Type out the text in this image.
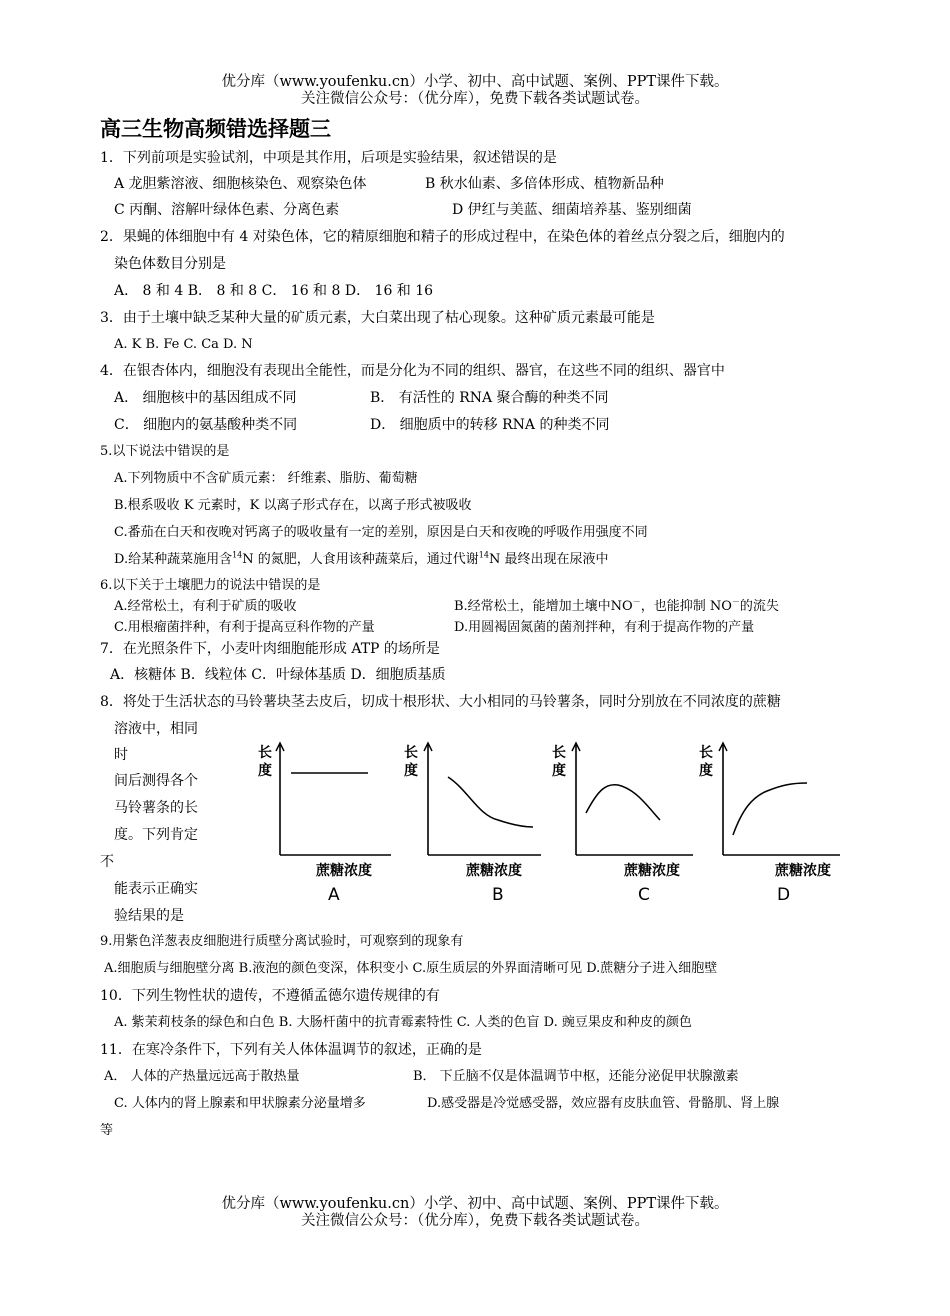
优分库（www.youfenku.cn）小学、初中、高中试题、案例、PPT课件下载。
关注微信公众号：（优分库），免费下载各类试题试卷。
高三生物高频错选择题三
1．下列前项是实验试剂，中项是其作用，后项是实验结果，叙述错误的是
A 龙胆紫溶液、细胞核染色、观察染色体	B 秋水仙素、多倍体形成、植物新品种
C 丙酮、溶解叶绿体色素、分离色素	D 伊红与美蓝、细菌培养基、鉴别细菌
2．果蝇的体细胞中有 4 对染色体，它的精原细胞和精子的形成过程中，在染色体的着丝点分裂之后，细胞内的
染色体数目分别是
A． 8 和 4 B． 8 和 8 C． 16 和 8 D． 16 和 16
3．由于土壤中缺乏某种大量的矿质元素，大白菜出现了枯心现象。这种矿质元素最可能是
A. K B. Fe C. Ca D. N
4．在银杏体内，细胞没有表现出全能性，而是分化为不同的组织、器官，在这些不同的组织、器官中
A． 细胞核中的基因组成不同	B． 有活性的 RNA 聚合酶的种类不同
C． 细胞内的氨基酸种类不同	D． 细胞质中的转移 RNA 的种类不同
5.以下说法中错误的是
A.下列物质中不含矿质元素： 纤维素、脂肪、葡萄糖
B.根系吸收 K 元素时，K 以离子形式存在，以离子形式被吸收
C.番茄在白天和夜晚对钙离子的吸收量有一定的差别，原因是白天和夜晚的呼吸作用强度不同
D.给某种蔬菜施用含$^{14}$N 的氮肥，人食用该种蔬菜后，通过代谢$^{14}$N 最终出现在尿液中
6.以下关于土壤肥力的说法中错误的是
A.经常松土，有利于矿质的吸收	B.经常松土，能增加土壤中NO－，也能抑制 NO－的流失
C.用根瘤菌拌种，有利于提高豆科作物的产量	D.用圆褐固氮菌的菌剂拌种，有利于提高作物的产量
7．在光照条件下，小麦叶肉细胞能形成 ATP 的场所是
A．核糖体 B．线粒体 C．叶绿体基质 D．细胞质基质
8．将处于生活状态的马铃薯块茎去皮后，切成十根形状、大小相同的马铃薯条，同时分别放在不同浓度的蔗糖
溶液中，相同
时
间后测得各个
马铃薯条的长
度。下列肯定
不
能表示正确实
验结果的是
长
度
蔗糖浓度
A
长
度
蔗糖浓度
B
长
度
蔗糖浓度
C
长
度
蔗糖浓度
D
9.用紫色洋葱表皮细胞进行质壁分离试验时，可观察到的现象有
A.细胞质与细胞壁分离 B.液泡的颜色变深，体积变小 C.原生质层的外界面清晰可见 D.蔗糖分子进入细胞壁
10．下列生物性状的遗传，不遵循孟德尔遗传规律的有
A. 紫茉莉枝条的绿色和白色 B. 大肠杆菌中的抗青霉素特性 C. 人类的色盲 D. 豌豆果皮和种皮的颜色
11．在寒冷条件下，下列有关人体体温调节的叙述，正确的是
A． 人体的产热量远远高于散热量	B． 下丘脑不仅是体温调节中枢，还能分泌促甲状腺激素
C. 人体内的肾上腺素和甲状腺素分泌量增多	D.感受器是冷觉感受器，效应器有皮肤血管、骨骼肌、肾上腺
等
优分库（www.youfenku.cn）小学、初中、高中试题、案例、PPT课件下载。
关注微信公众号：（优分库），免费下载各类试题试卷。
